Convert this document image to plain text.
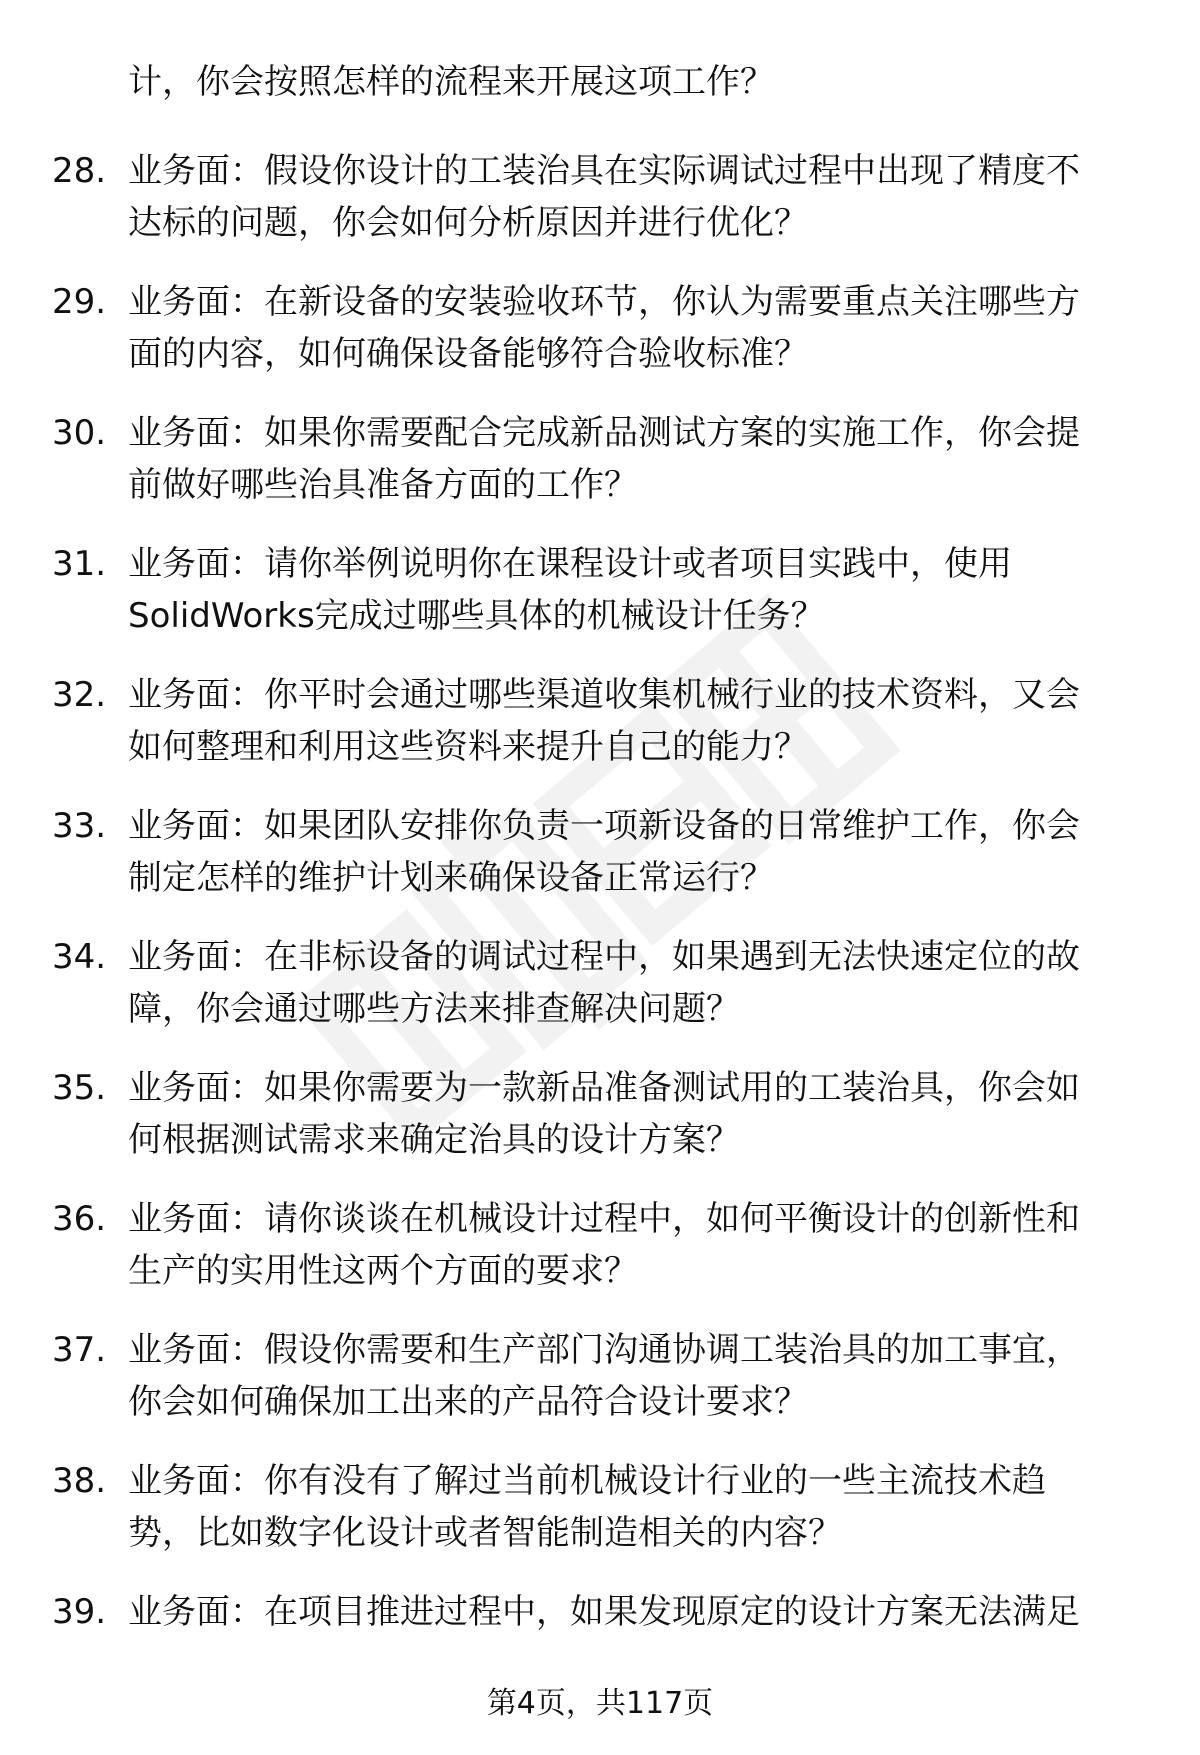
计，你会按照怎样的流程来开展这项工作？
28. 业务面：假设你设计的工装治具在实际调试过程中出现了精度不
达标的问题，你会如何分析原因并进行优化？
29. 业务面：在新设备的安装验收环节，你认为需要重点关注哪些方
面的内容，如何确保设备能够符合验收标准？
30. 业务面：如果你需要配合完成新品测试方案的实施工作，你会提
前做好哪些治具准备方面的工作？
31. 业务面：请你举例说明你在课程设计或者项目实践中，使用
SolidWorks完成过哪些具体的机械设计任务？
32. 业务面：你平时会通过哪些渠道收集机械行业的技术资料，又会
如何整理和利用这些资料来提升自己的能力？
33. 业务面：如果团队安排你负责一项新设备的日常维护工作，你会
制定怎样的维护计划来确保设备正常运行？
34. 业务面：在非标设备的调试过程中，如果遇到无法快速定位的故
障，你会通过哪些方法来排查解决问题？
35. 业务面：如果你需要为一款新品准备测试用的工装治具，你会如
何根据测试需求来确定治具的设计方案？
36. 业务面：请你谈谈在机械设计过程中，如何平衡设计的创新性和
生产的实用性这两个方面的要求？
37. 业务面：假设你需要和生产部门沟通协调工装治具的加工事宜，
你会如何确保加工出来的产品符合设计要求？
38. 业务面：你有没有了解过当前机械设计行业的一些主流技术趋
势，比如数字化设计或者智能制造相关的内容？
39. 业务面：在项目推进过程中，如果发现原定的设计方案无法满足
第4页，共117页
